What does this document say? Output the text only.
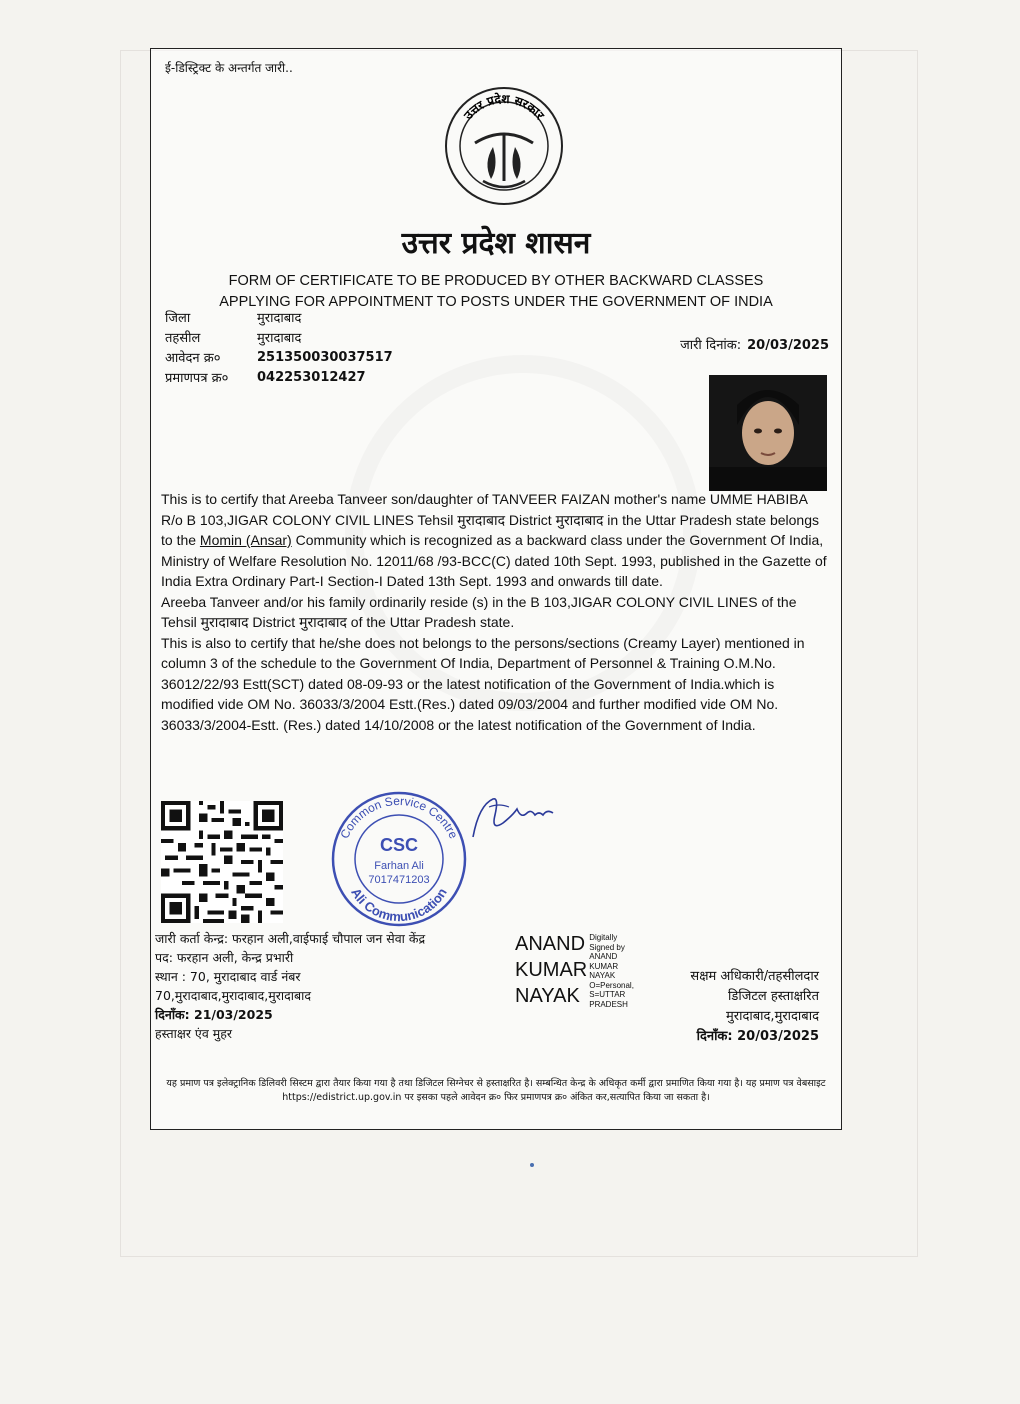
ई-डिस्ट्रिक्ट के अन्तर्गत जारी..
उत्तर प्रदेश सरकार
उत्तर प्रदेश शासन
FORM OF CERTIFICATE TO BE PRODUCED BY OTHER BACKWARD CLASSES
APPLYING FOR APPOINTMENT TO POSTS UNDER THE GOVERNMENT OF INDIA
जिला	मुरादाबाद
तहसील	मुरादाबाद
आवेदन क्र०	251350030037517
प्रमाणपत्र क्र०	042253012427
जारी दिनांक: 20/03/2025

This is to certify that Areeba Tanveer son/daughter of TANVEER FAIZAN mother's name UMME HABIBA R/o B 103,JIGAR COLONY CIVIL LINES Tehsil मुरादाबाद District मुरादाबाद in the Uttar Pradesh state belongs to the Momin (Ansar) Community which is recognized as a backward class under the Government Of India, Ministry of Welfare Resolution No. 12011/68 /93-BCC(C) dated 10th Sept. 1993, published in the Gazette of India Extra Ordinary Part-I Section-I Dated 13th Sept. 1993 and onwards till date.

Areeba Tanveer and/or his family ordinarily reside (s) in the B 103,JIGAR COLONY CIVIL LINES of the Tehsil मुरादाबाद District मुरादाबाद of the Uttar Pradesh state.

This is also to certify that he/she does not belongs to the persons/sections (Creamy Layer) mentioned in column 3 of the schedule to the Government Of India, Department of Personnel & Training O.M.No. 36012/22/93 Estt(SCT) dated 08-09-93 or the latest notification of the Government of India.which is modified vide OM No. 36033/3/2004 Estt.(Res.) dated 09/03/2004 and further modified vide OM No. 36033/3/2004-Estt. (Res.) dated 14/10/2008 or the latest notification of the Government of India.

Common Service Centre
Ali Communication
CSC
Farhan Ali
7017471203
जारी कर्ता केन्द्र: फरहान अली,वाईफाई चौपाल जन सेवा केंद्र
पद: फरहान अली, केन्द्र प्रभारी
स्थान : 70, मुरादाबाद वार्ड नंबर
70,मुरादाबाद,मुरादाबाद,मुरादाबाद
दिनाँक: 21/03/2025
हस्ताक्षर एंव मुहर
ANAND
KUMAR
NAYAK
Digitally
Signed by
ANAND
KUMAR
NAYAK
O=Personal,
S=UTTAR
PRADESH
सक्षम अधिकारी/तहसीलदार
डिजिटल हस्ताक्षरित
मुरादाबाद,मुरादाबाद
दिनाँक: 20/03/2025
यह प्रमाण पत्र इलेक्ट्रानिक डिलिवरी सिस्टम द्वारा तैयार किया गया है तथा डिजिटल सिग्नेचर से हस्ताक्षरित है। सम्बन्धित केन्द्र के अधिकृत कर्मी द्वारा प्रमाणित किया गया है। यह प्रमाण पत्र वेबसाइट https://edistrict.up.gov.in पर इसका पहले आवेदन क्र० फिर प्रमाणपत्र क्र० अंकित कर,सत्यापित किया जा सकता है।
